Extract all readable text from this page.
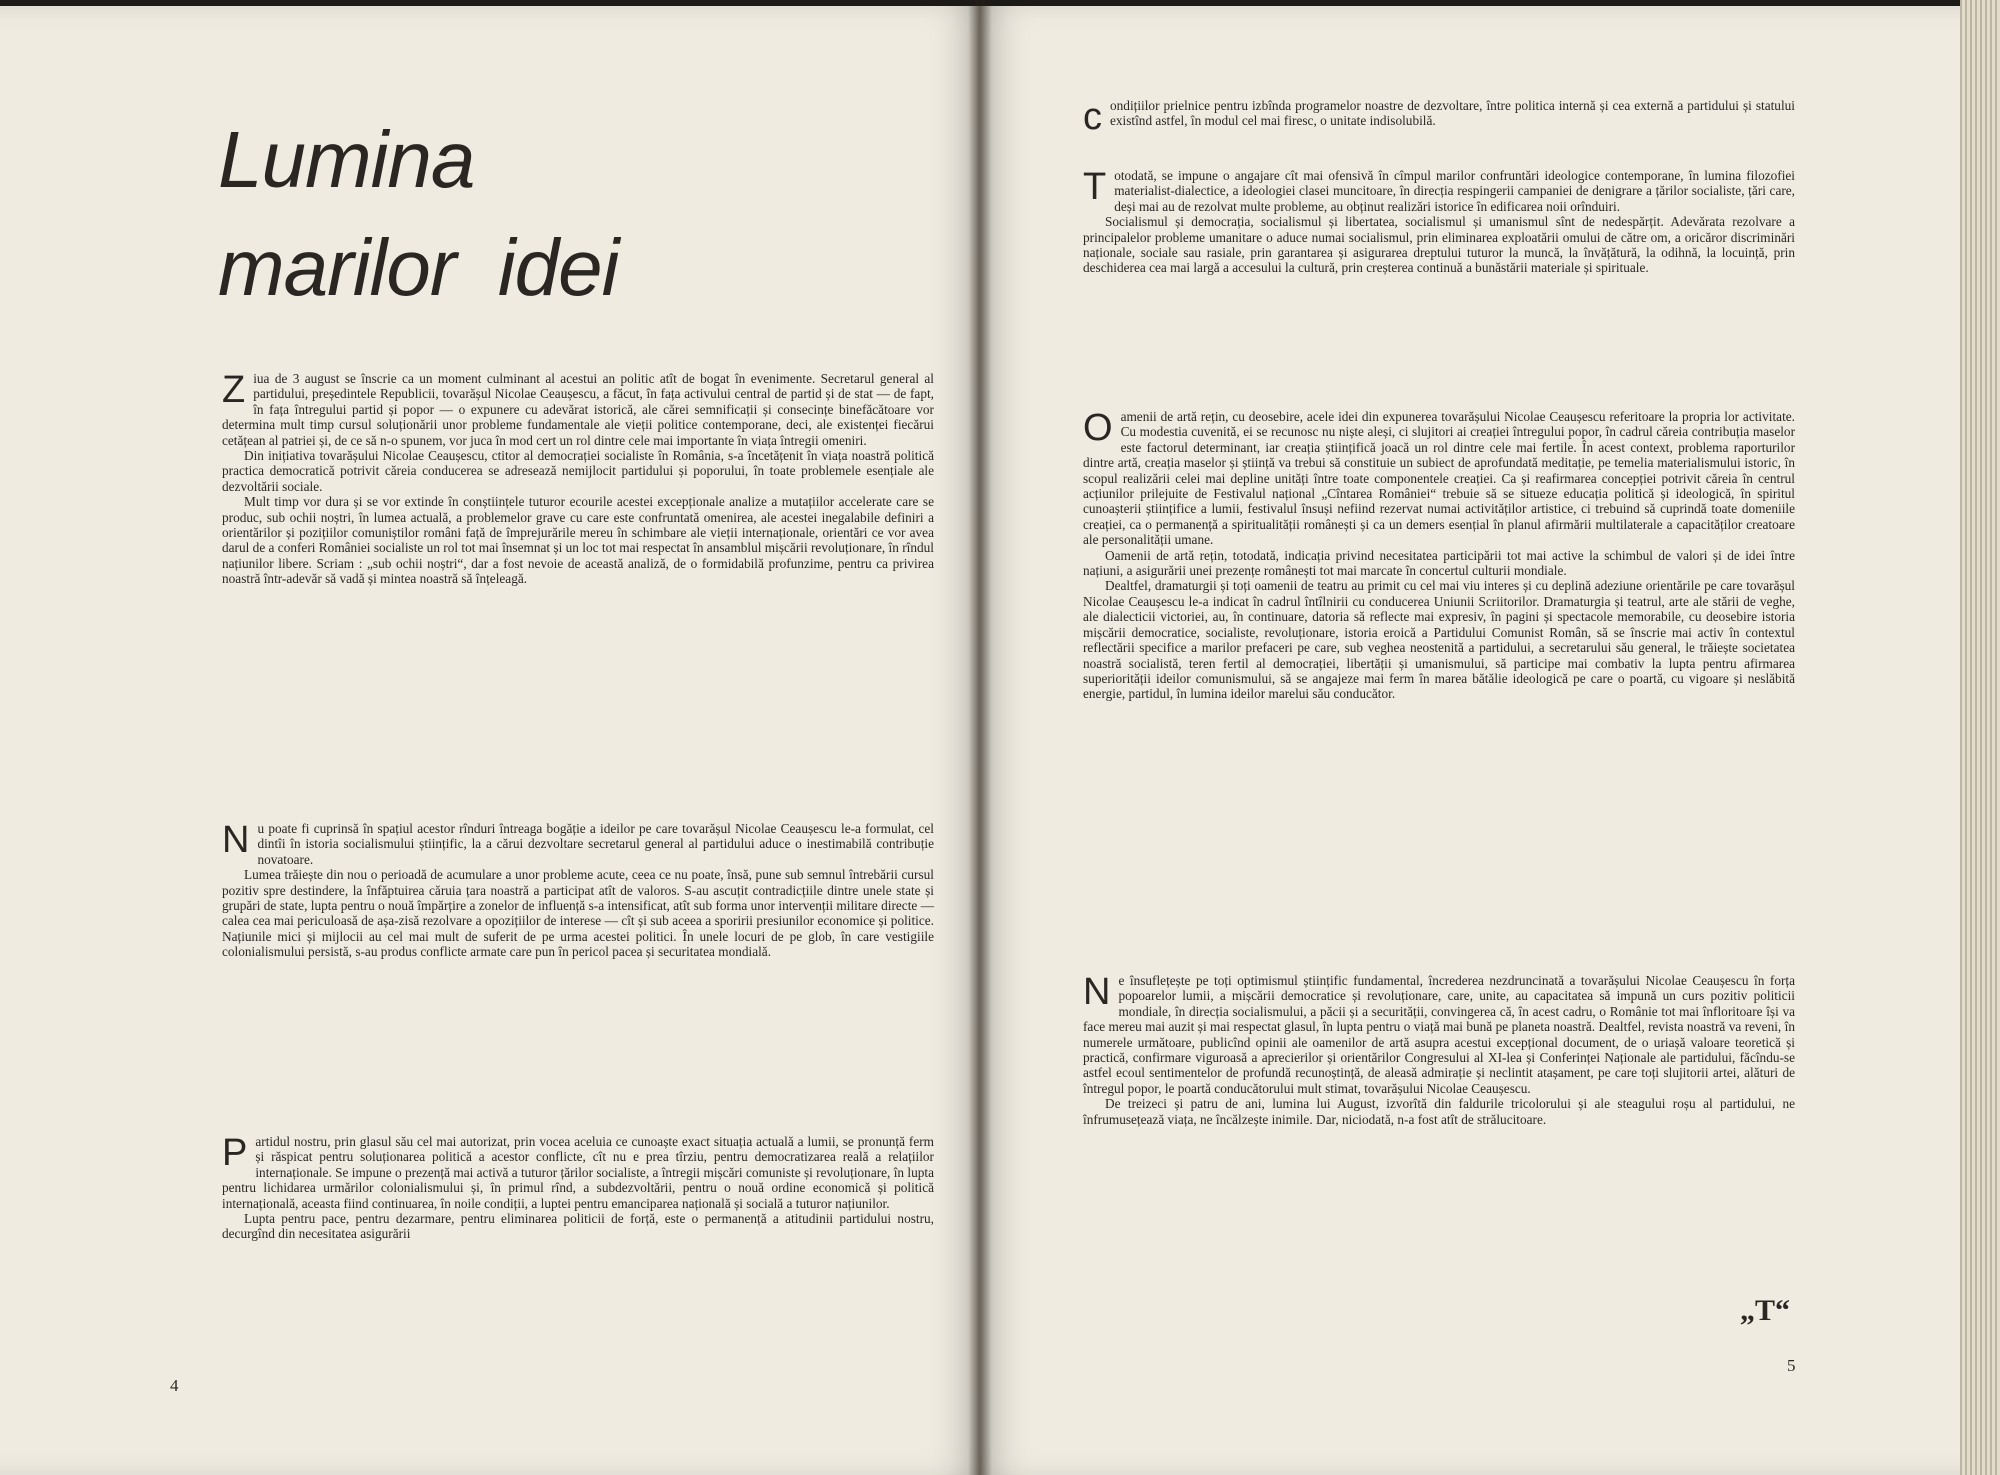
Lumina
marilor  idei

Ziua de 3 august se înscrie ca un moment culminant al acestui an politic atît de bogat în evenimente. Secretarul general al partidului, președintele Republicii, tovarășul Nicolae Ceaușescu, a făcut, în fața activului central de partid și de stat — de fapt, în fața întregului partid și popor — o expunere cu adevărat istorică, ale cărei semnificații și consecințe binefăcătoare vor determina mult timp cursul soluționării unor probleme fundamentale ale vieții politice contemporane, deci, ale existenței fiecărui cetățean al patriei și, de ce să n-o spunem, vor juca în mod cert un rol dintre cele mai importante în viața întregii omeniri.

Din inițiativa tovarășului Nicolae Ceaușescu, ctitor al democrației socialiste în România, s-a încetățenit în viața noastră politică practica democratică potrivit căreia conducerea se adresează nemijlocit partidului și poporului, în toate problemele esențiale ale dezvoltării sociale.

Mult timp vor dura și se vor extinde în conștiințele tuturor ecourile acestei excepționale analize a mutațiilor accelerate care se produc, sub ochii noștri, în lumea actuală, a problemelor grave cu care este confruntată omenirea, ale acestei inegalabile definiri a orientărilor și pozițiilor comuniștilor români față de împrejurările mereu în schimbare ale vieții internaționale, orientări ce vor avea darul de a conferi României socialiste un rol tot mai însemnat și un loc tot mai respectat în ansamblul mișcării revoluționare, în rîndul națiunilor libere. Scriam : „sub ochii noștri“, dar a fost nevoie de această analiză, de o formidabilă profunzime, pentru ca privirea noastră într-adevăr să vadă și mintea noastră să înțeleagă.

Nu poate fi cuprinsă în spațiul acestor rînduri întreaga bogăție a ideilor pe care tovarășul Nicolae Ceaușescu le-a formulat, cel dintîi în istoria socialismului științific, la a cărui dezvoltare secretarul general al partidului aduce o inestimabilă contribuție novatoare.

Lumea trăiește din nou o perioadă de acumulare a unor probleme acute, ceea ce nu poate, însă, pune sub semnul întrebării cursul pozitiv spre destindere, la înfăptuirea căruia țara noastră a participat atît de valoros. S-au ascuțit contradicțiile dintre unele state și grupări de state, lupta pentru o nouă împărțire a zonelor de influență s-a intensificat, atît sub forma unor intervenții militare directe — calea cea mai periculoasă de așa-zisă rezolvare a opozițiilor de interese — cît și sub aceea a sporirii presiunilor economice și politice. Națiunile mici și mijlocii au cel mai mult de suferit de pe urma acestei politici. În unele locuri de pe glob, în care vestigiile colonialismului persistă, s-au produs conflicte armate care pun în pericol pacea și securitatea mondială.

Partidul nostru, prin glasul său cel mai autorizat, prin vocea aceluia ce cunoaște exact situația actuală a lumii, se pronunță ferm și răspicat pentru soluționarea politică a acestor conflicte, cît nu e prea tîrziu, pentru democratizarea reală a relațiilor internaționale. Se impune o prezență mai activă a tuturor țărilor socialiste, a întregii mișcări comuniste și revoluționare, în lupta pentru lichidarea urmărilor colonialismului și, în primul rînd, a subdezvoltării, pentru o nouă ordine economică și politică internațională, aceasta fiind continuarea, în noile condiții, a luptei pentru emanciparea națională și socială a tuturor națiunilor.

Lupta pentru pace, pentru dezarmare, pentru eliminarea politicii de forță, este o permanență a atitudinii partidului nostru, decurgînd din necesitatea asigurării

4

condițiilor prielnice pentru izbînda programelor noastre de dezvoltare, între politica internă și cea externă a partidului și statului existînd astfel, în modul cel mai firesc, o unitate indisolubilă.

Totodată, se impune o angajare cît mai ofensivă în cîmpul marilor confruntări ideologice contemporane, în lumina filozofiei materialist-dialectice, a ideologiei clasei muncitoare, în direcția respingerii campaniei de denigrare a țărilor socialiste, țări care, deși mai au de rezolvat multe probleme, au obținut realizări istorice în edificarea noii orînduiri.

Socialismul și democrația, socialismul și libertatea, socialismul și umanismul sînt de nedespărțit. Adevărata rezolvare a principalelor probleme umanitare o aduce numai socialismul, prin eliminarea exploatării omului de către om, a oricăror discriminări naționale, sociale sau rasiale, prin garantarea și asigurarea dreptului tuturor la muncă, la învățătură, la odihnă, la locuință, prin deschiderea cea mai largă a accesului la cultură, prin creșterea continuă a bunăstării materiale și spirituale.

Oamenii de artă rețin, cu deosebire, acele idei din expunerea tovarășului Nicolae Ceaușescu referitoare la propria lor activitate. Cu modestia cuvenită, ei se recunosc nu niște aleși, ci slujitori ai creației întregului popor, în cadrul căreia contribuția maselor este factorul determinant, iar creația științifică joacă un rol dintre cele mai fertile. În acest context, problema raporturilor dintre artă, creația maselor și știință va trebui să constituie un subiect de aprofundată meditație, pe temelia materialismului istoric, în scopul realizării celei mai depline unități între toate componentele creației. Ca și reafirmarea concepției potrivit căreia în centrul acțiunilor prilejuite de Festivalul național „Cîntarea României“ trebuie să se situeze educația politică și ideologică, în spiritul cunoașterii științifice a lumii, festivalul însuși nefiind rezervat numai activităților artistice, ci trebuind să cuprindă toate domeniile creației, ca o permanență a spiritualității românești și ca un demers esențial în planul afirmării multilaterale a capacităților creatoare ale personalității umane.

Oamenii de artă rețin, totodată, indicația privind necesitatea participării tot mai active la schimbul de valori și de idei între națiuni, a asigurării unei prezențe românești tot mai marcate în concertul culturii mondiale.

Dealtfel, dramaturgii și toți oamenii de teatru au primit cu cel mai viu interes și cu deplină adeziune orientările pe care tovarășul Nicolae Ceaușescu le-a indicat în cadrul întîlnirii cu conducerea Uniunii Scriitorilor. Dramaturgia și teatrul, arte ale stării de veghe, ale dialecticii victoriei, au, în continuare, datoria să reflecte mai expresiv, în pagini și spectacole memorabile, cu deosebire istoria mișcării democratice, socialiste, revoluționare, istoria eroică a Partidului Comunist Român, să se înscrie mai activ în contextul reflectării specifice a marilor prefaceri pe care, sub veghea neostenită a partidului, a secretarului său general, le trăiește societatea noastră socialistă, teren fertil al democrației, libertății și umanismului, să participe mai combativ la lupta pentru afirmarea superiorității ideilor comunismului, să se angajeze mai ferm în marea bătălie ideologică pe care o poartă, cu vigoare și neslăbită energie, partidul, în lumina ideilor marelui său conducător.

Ne însuflețește pe toți optimismul științific fundamental, încrederea nezdruncinată a tovarășului Nicolae Ceaușescu în forța popoarelor lumii, a mișcării democratice și revoluționare, care, unite, au capacitatea să impună un curs pozitiv politicii mondiale, în direcția socialismului, a păcii și a securității, convingerea că, în acest cadru, o Românie tot mai înfloritoare își va face mereu mai auzit și mai respectat glasul, în lupta pentru o viață mai bună pe planeta noastră. Dealtfel, revista noastră va reveni, în numerele următoare, publicînd opinii ale oamenilor de artă asupra acestui excepțional document, de o uriașă valoare teoretică și practică, confirmare viguroasă a aprecierilor și orientărilor Congresului al XI-lea și Conferinței Naționale ale partidului, făcîndu-se astfel ecoul sentimentelor de profundă recunoștință, de aleasă admirație și neclintit atașament, pe care toți slujitorii artei, alături de întregul popor, le poartă conducătorului mult stimat, tovarășului Nicolae Ceaușescu.

De treizeci și patru de ani, lumina lui August, izvorîtă din faldurile tricolorului și ale steagului roșu al partidului, ne înfrumusețează viața, ne încălzește inimile. Dar, niciodată, n-a fost atît de strălucitoare.

„T“
5
